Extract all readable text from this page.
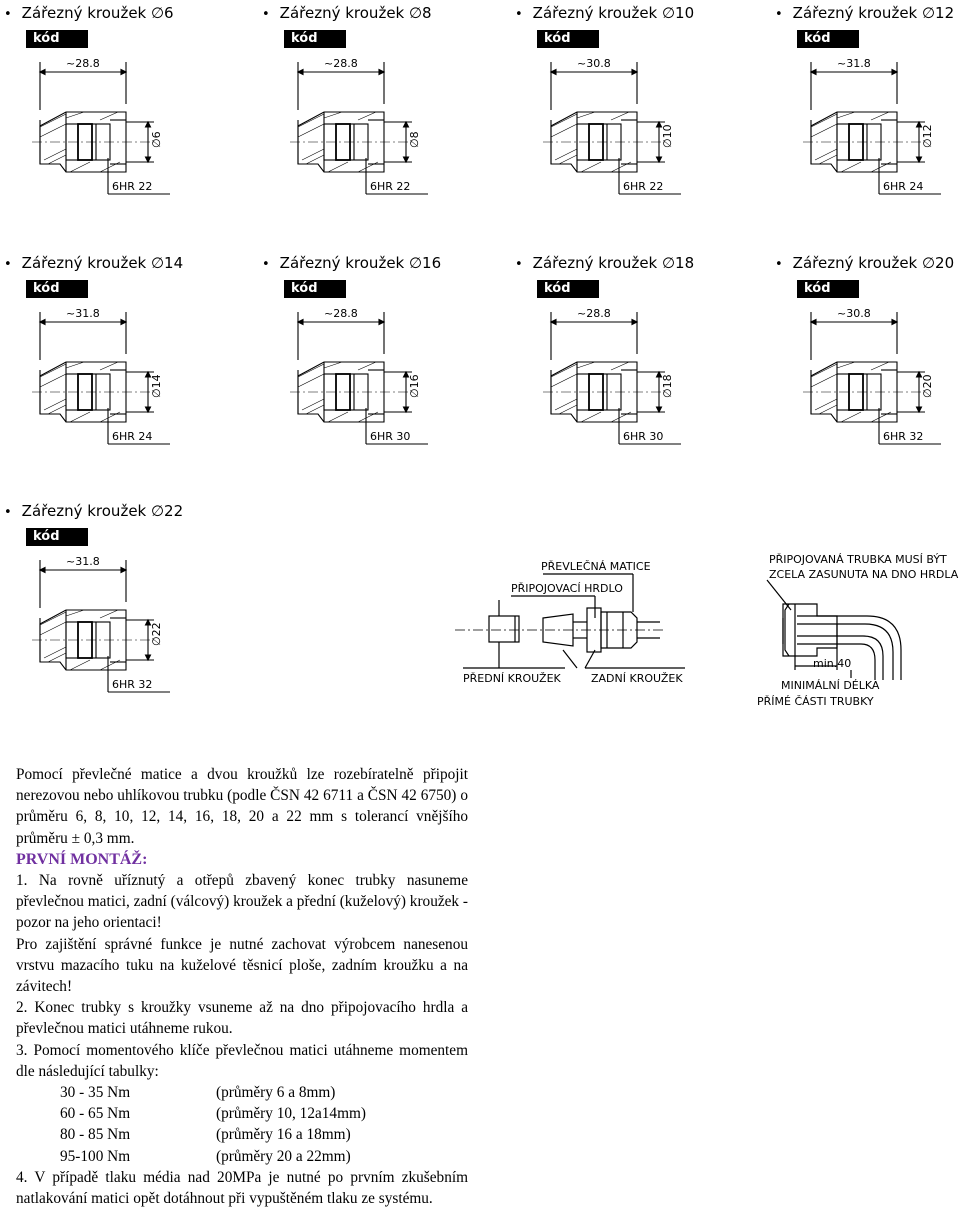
• Zářezný kroužek ∅6
kód 11	~28.8
∅6
6HR 22
• Zářezný kroužek ∅8
kód 12	~28.8
∅8
6HR 22
• Zářezný kroužek ∅10
kód 13	~30.8
∅10
6HR 22
• Zářezný kroužek ∅12
kód 14	~31.8
∅12
6HR 24
• Zářezný kroužek ∅14
kód 15	~31.8
∅14
6HR 24
• Zářezný kroužek ∅16
kód 16	~28.8
∅16
6HR 30
• Zářezný kroužek ∅18
kód 17	~28.8
∅18
6HR 30
• Zářezný kroužek ∅20
kód 18	~30.8
∅20
6HR 32
• Zářezný kroužek ∅22
kód 19	~31.8
∅22
6HR 32
PŘEVLEČNÁ MATICE
PŘIPOJOVACÍ HRDLO
PŘEDNÍ KROUŽEK	ZADNÍ KROUŽEK
PŘIPOJOVANÁ TRUBKA MUSÍ BÝT
ZCELA ZASUNUTA NA DNO HRDLA
min.40
MINIMÁLNÍ DÉLKA
PŘÍMÉ ČÁSTI TRUBKY

Pomocí převlečné matice a dvou kroužků lze rozebíratelně připojit nerezovou nebo uhlíkovou trubku (podle ČSN 42 6711 a ČSN 42 6750) o průměru 6, 8, 10, 12, 14, 16, 18, 20 a 22 mm s tolerancí vnějšího průměru ± 0,3 mm.

PRVNÍ MONTÁŽ:

1. Na rovně uříznutý a otřepů zbavený konec trubky nasuneme převlečnou matici, zadní (válcový) kroužek a přední (kuželový) kroužek - pozor na jeho orientaci!

Pro zajištění správné funkce je nutné zachovat výrobcem nanesenou vrstvu mazacího tuku na kuželové těsnicí ploše, zadním kroužku a na závitech!

2. Konec trubky s kroužky vsuneme až na dno připojovacího hrdla a převlečnou matici utáhneme rukou.

3. Pomocí momentového klíče převlečnou matici utáhneme momentem dle následující tabulky:

30 - 35 Nm	(průměry 6 a 8mm)
60 - 65 Nm	(průměry 10, 12a14mm)
80 - 85 Nm	(průměry 16 a 18mm)
95-100 Nm	(průměry 20 a 22mm)

4. V případě tlaku média nad 20MPa je nutné po prvním zkušebním natlakování matici opět dotáhnout při vypuštěném tlaku ze systému.
